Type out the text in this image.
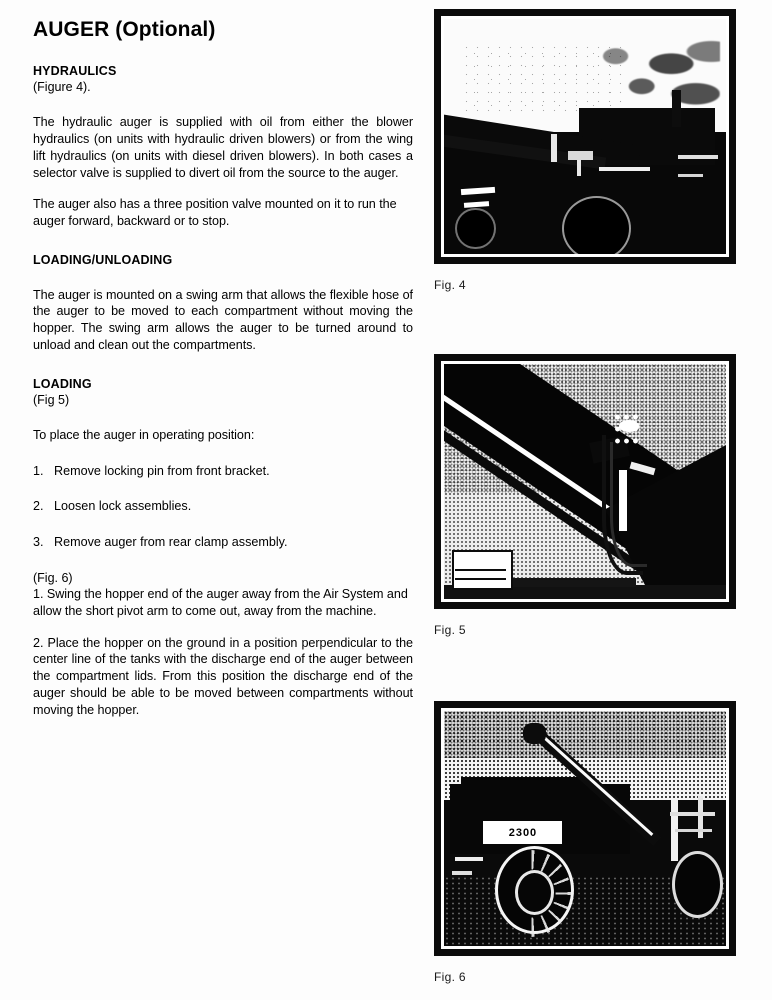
AUGER (Optional)
HYDRAULICS

(Figure 4).

The hydraulic auger is supplied with oil from either the blower hydraulics (on units with hydraulic driven blowers) or from the wing lift hydraulics (on units with diesel driven blowers). In both cases a selector valve is supplied to divert oil from the source to the auger.

The auger also has a three position valve mounted on it to run the auger forward, backward or to stop.

LOADING/UNLOADING

The auger is mounted on a swing arm that allows the flexible hose of the auger to be moved to each compartment without moving the hopper. The swing arm allows the auger to be turned around to unload and clean out the compartments.

LOADING

(Fig 5)

To place the auger in operating position:

1. Remove locking pin from front bracket.

2. Loosen lock assemblies.

3. Remove auger from rear clamp assembly.

(Fig. 6)

1. Swing the hopper end of the auger away from the Air System and allow the short pivot arm to come out, away from the machine.

2. Place the hopper on the ground in a position perpendicular to the center line of the tanks with the discharge end of the auger between the compartment lids. From this position the discharge end of the auger should be able to be moved between compartments without moving the hopper.

Fig. 4
Fig. 5
2300
Fig. 6
